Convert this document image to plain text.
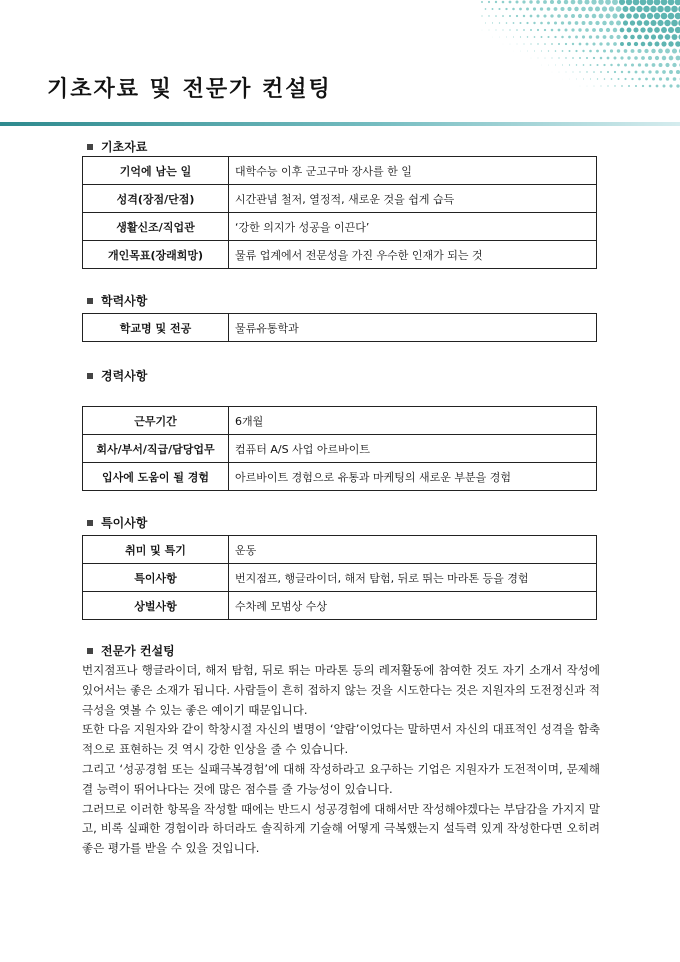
기초자료 및 전문가 컨설팅
기초자료
기억에 남는 일	대학수능 이후 군고구마 장사를 한 일
성격(장점/단점)	시간관념 철저, 열정적, 새로운 것을 쉽게 습득
생활신조/직업관	‘강한 의지가 성공을 이끈다’
개인목표(장래희망)	물류 업계에서 전문성을 가진 우수한 인재가 되는 것
학력사항
학교명 및 전공	물류유통학과
경력사항
근무기간	6개월
회사/부서/직급/담당업무	컴퓨터 A/S 사업 아르바이트
입사에 도움이 될 경험	아르바이트 경험으로 유통과 마케팅의 새로운 부분을 경험
특이사항
취미 및 특기	운동
특이사항	번지점프, 행글라이더, 해저 탐험, 뒤로 뛰는 마라톤 등을 경험
상벌사항	수차례 모범상 수상
전문가 컨설팅

번지점프나 행글라이더, 해저 탐험, 뒤로 뛰는 마라톤 등의 레저활동에 참여한 것도 자기 소개서 작성에 있어서는 좋은 소재가 됩니다. 사람들이 흔히 접하지 않는 것을 시도한다는 것은 지원자의 도전정신과 적극성을 엿볼 수 있는 좋은 예이기 때문입니다.

또한 다음 지원자와 같이 학창시절 자신의 별명이 ‘얄람’이었다는 말하면서 자신의 대표적인 성격을 함축적으로 표현하는 것 역시 강한 인상을 줄 수 있습니다.

그리고 ‘성공경험 또는 실패극복경험’에 대해 작성하라고 요구하는 기업은 지원자가 도전적이며, 문제해결 능력이 뛰어나다는 것에 많은 점수를 줄 가능성이 있습니다.

그러므로 이러한 항목을 작성할 때에는 반드시 성공경험에 대해서만 작성해야겠다는 부담감을 가지지 말고, 비록 실패한 경험이라 하더라도 솔직하게 기술해 어떻게 극복했는지 설득력 있게 작성한다면 오히려 좋은 평가를 받을 수 있을 것입니다.
